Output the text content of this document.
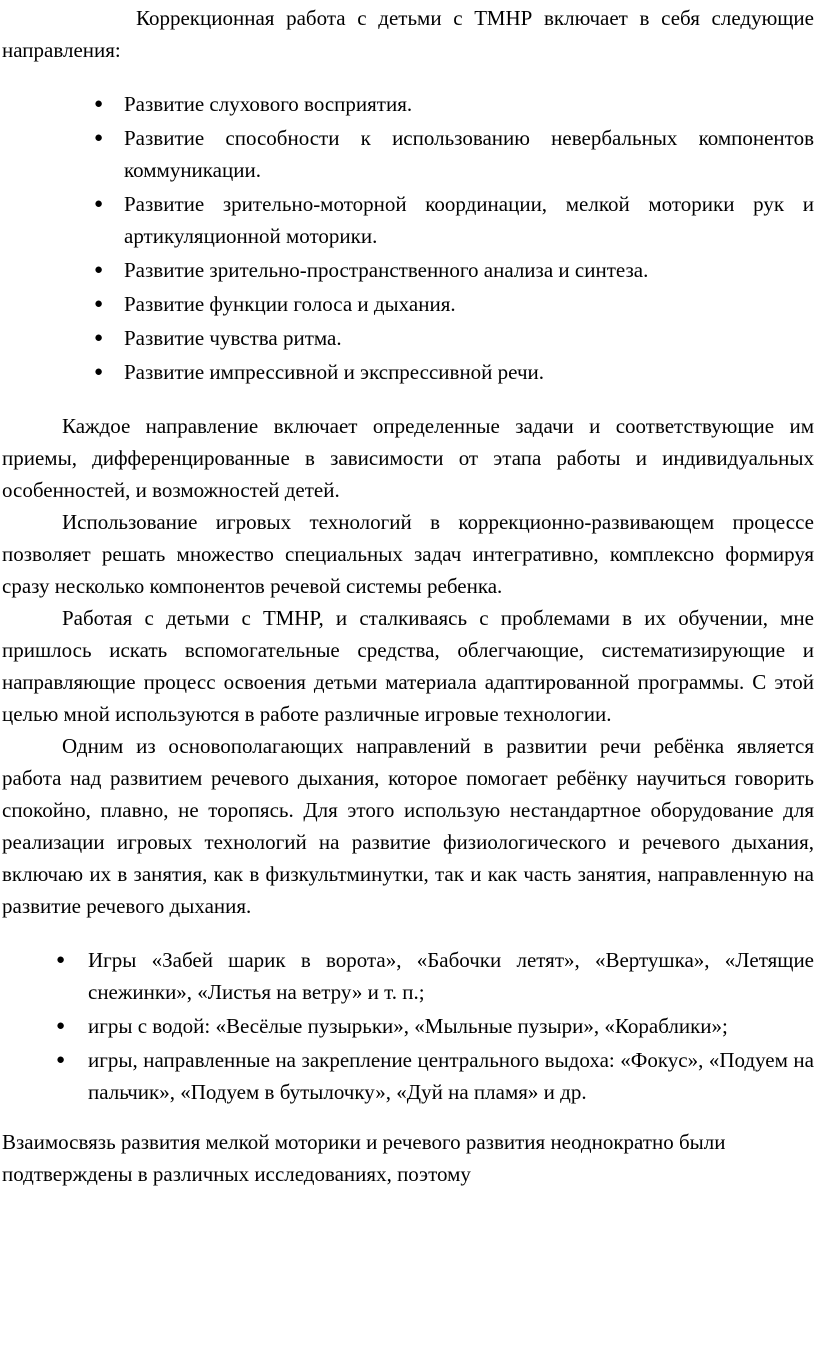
Коррекционная работа с детьми с ТМНР включает в себя следующие направления:

● Развитие слухового восприятия.
● Развитие способности к использованию невербальных компонентов коммуникации.
● Развитие зрительно-моторной координации, мелкой моторики рук и артикуляционной моторики.
● Развитие зрительно-пространственного анализа и синтеза.
● Развитие функции голоса и дыхания.
● Развитие чувства ритма.
● Развитие импрессивной и экспрессивной речи.

Каждое направление включает определенные задачи и соответствующие им приемы, дифференцированные в зависимости от этапа работы и индивидуальных особенностей, и возможностей детей.

Использование игровых технологий в коррекционно-развивающем процессе позволяет решать множество специальных задач интегративно, комплексно формируя сразу несколько компонентов речевой системы ребенка.

Работая с детьми с ТМНР, и сталкиваясь с проблемами в их обучении, мне пришлось искать вспомогательные средства, облегчающие, систематизирующие и направляющие процесс освоения детьми материала адаптированной программы. С этой целью мной используются в работе различные игровые технологии.

Одним из основополагающих направлений в развитии речи ребёнка является работа над развитием речевого дыхания, которое помогает ребёнку научиться говорить спокойно, плавно, не торопясь. Для этого использую нестандартное оборудование для реализации игровых технологий на развитие физиологического и речевого дыхания, включаю их в занятия, как в физкультминутки, так и как часть занятия, направленную на развитие речевого дыхания.

● Игры «Забей шарик в ворота», «Бабочки летят», «Вертушка», «Летящие снежинки», «Листья на ветру» и т. п.;
● игры с водой: «Весёлые пузырьки», «Мыльные пузыри», «Кораблики»;
● игры, направленные на закрепление центрального выдоха: «Фокус», «Подуем на пальчик», «Подуем в бутылочку», «Дуй на пламя» и др.

Взаимосвязь развития мелкой моторики и речевого развития неоднократно были подтверждены в различных исследованиях, поэтому
